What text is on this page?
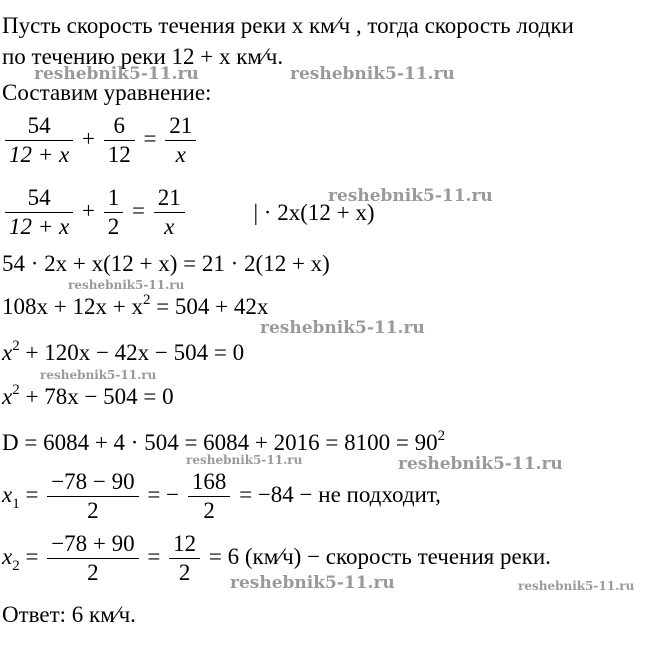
Пусть скорость течения реки x км⁄ч , тогда скорость лодки
по течению реки 12 + x км⁄ч.
Составим уравнение:
$\frac{54}{12 + x} + \frac{6}{12} = \frac{21}{x}$
$\frac{54}{12 + x} + \frac{1}{2} = \frac{21}{x}$	| · 2x(12 + x)
54 · 2x + x(12 + x) = 21 · 2(12 + x)
$108x + 12x + x^2 = 504 + 42x$
$x^2 + 120x - 42x - 504 = 0$
$x^2 + 78x - 504 = 0$
$D = 6084 + 4 \cdot 504 = 6084 + 2016 = 8100 = 90^2$
$x_1 = \frac{-78 - 90}{2}$ = − $\frac{168}{2} = -84$ − не подходит,
$x_2 = \frac{-78 + 90}{2} = \frac{12}{2} = 6$ (км⁄ч) − скорость течения реки.
Ответ: 6 км⁄ч.
reshebnik5-11.ru	reshebnik5-11.ru
reshebnik5-11.ru
reshebnik5-11.ru
reshebnik5-11.ru
reshebnik5-11.ru
reshebnik5-11.ru	reshebnik5-11.ru
reshebnik5-11.ru	reshebnik5-11.ru
